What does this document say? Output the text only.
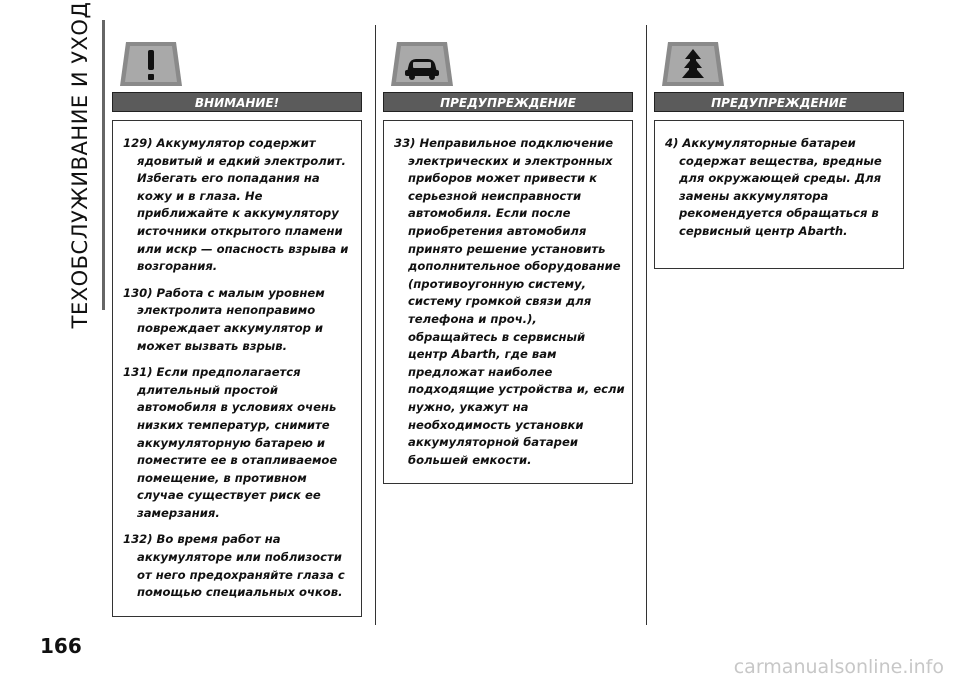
ТЕХОБСЛУЖИВАНИЕ И УХОД	ВНИМАНИЕ!

129) Аккумулятор содержит ядовитый и едкий электролит. Избегать его попадания на кожу и в глаза. Не приближайте к аккумулятору источники открытого пламени или искр — опасность взрыва и возгорания.

130) Работа с малым уровнем электролита непоправимо повреждает аккумулятор и может вызвать взрыв.

131) Если предполагается длительный простой автомобиля в условиях очень низких температур, снимите аккумуляторную батарею и поместите ее в отапливаемое помещение, в противном случае существует риск ее замерзания.

132) Во время работ на аккумуляторе или поблизости от него предохраняйте глаза с помощью специальных очков.

ПРЕДУПРЕЖДЕНИЕ

33) Неправильное подключение электрических и электронных приборов может привести к серьезной неисправности автомобиля. Если после приобретения автомобиля принято решение установить дополнительное оборудование (противоугонную систему, систему громкой связи для телефона и проч.), обращайтесь в сервисный центр Abarth, где вам предложат наиболее подходящие устройства и, если нужно, укажут на необходимость установки аккумуляторной батареи большей емкости.

ПРЕДУПРЕЖДЕНИЕ

4) Аккумуляторные батареи содержат вещества, вредные для окружающей среды. Для замены аккумулятора рекомендуется обращаться в сервисный центр Abarth.

166
carmanualsonline.info
